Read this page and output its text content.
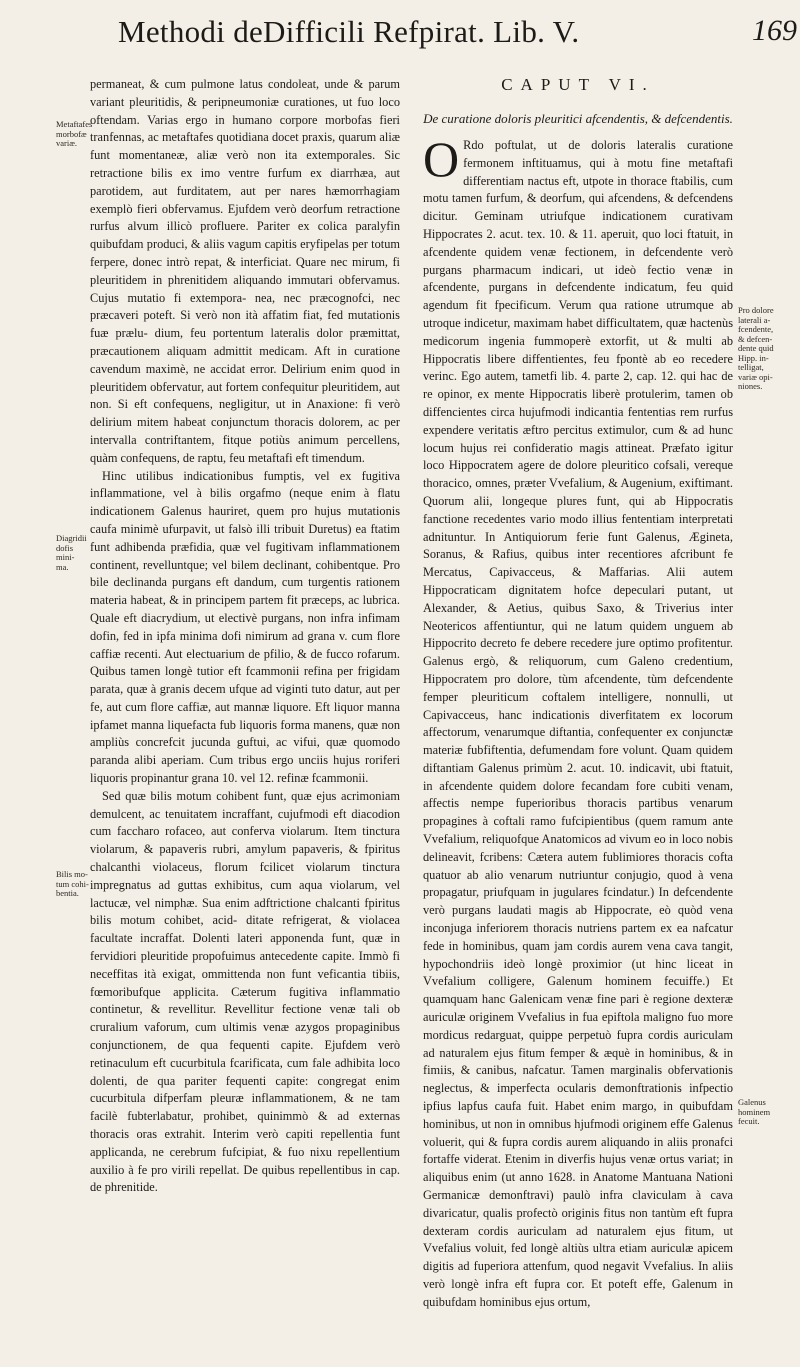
Methodi deDifficili Refpirat. Lib. V.	169
Metaftafes
morbofæ
variæ.
Diagridii
dofis mini-
ma.
Bilis mo-
tum cohi-
bentia.

permaneat, & cum pulmone latus condoleat, unde & parum variant pleuritidis, & peripneumoniæ curationes, ut fuo loco oftendam. Varias ergo in humano corpore morbofas fieri tranfennas, ac metaftafes quotidiana docet praxis, quarum aliæ funt momentaneæ, aliæ verò non ita extemporales. Sic retractione bilis ex imo ventre furfum ex diarrhæa, aut parotidem, aut furditatem, aut per nares hæmorrhagiam exemplò fieri obfervamus. Ejufdem verò deorfum retractione rurfus alvum illicò profluere. Pariter ex colica paralyfin quibufdam produci, & aliis vagum capitis eryfipelas per totum ferpere, donec intrò repat, & interficiat. Quare nec mirum, fi pleuritidem in phrenitidem aliquando immutari obfervamus. Cujus mutatio fi extempora- nea, nec præcognofci, nec præcaveri poteft. Si verò non ità affatim fiat, fed mutationis fuæ prælu- dium, feu portentum lateralis dolor præmittat, præcautionem aliquam admittit medicam. Aft in curatione cavendum maximè, ne accidat error. Delirium enim quod in pleuritidem obfervatur, aut fortem confequitur pleuritidem, aut non. Si eft confequens, negligitur, ut in Anaxione: fi verò delirium mitem habeat conjunctum thoracis dolorem, ac per intervalla contriftantem, fitque potiùs animum percellens, quàm confequens, de raptu, feu metaftafi eft timendum.

Hinc utilibus indicationibus fumptis, vel ex fugitiva inflammatione, vel à bilis orgafmo (neque enim à flatu indicationem Galenus hauriret, quem pro hujus mutationis caufa minimè ufurpavit, ut falsò illi tribuit Duretus) ea ftatim funt adhibenda præfidia, quæ vel fugitivam inflammationem continent, revelluntque; vel bilem declinant, cohibentque. Pro bile declinanda purgans eft dandum, cum turgentis rationem materia habeat, & in principem partem fit præceps, ac lubrica. Quale eft diacrydium, ut electivè purgans, non infra infimam dofin, fed in ipfa minima dofi nimirum ad grana v. cum flore caffiæ recenti. Aut electuarium de pfilio, & de fucco rofarum. Quibus tamen longè tutior eft fcammonii refina per frigidam parata, quæ à granis decem ufque ad viginti tuto datur, aut per fe, aut cum flore caffiæ, aut mannæ liquore. Eft liquor manna ipfamet manna liquefacta fub liquoris forma manens, quæ non ampliùs concrefcit jucunda guftui, ac vifui, quæ quomodo paranda alibi aperiam. Cum tribus ergo unciis hujus roriferi liquoris propinantur grana 10. vel 12. refinæ fcammonii.

Sed quæ bilis motum cohibent funt, quæ ejus acrimoniam demulcent, ac tenuitatem incraffant, cujufmodi eft diacodion cum faccharo rofaceo, aut conferva violarum. Item tinctura violarum, & papaveris rubri, amylum papaveris, & fpiritus chalcanthi violaceus, florum fcilicet violarum tinctura impregnatus ad guttas exhibitus, cum aqua violarum, vel lactucæ, vel nimphæ. Sua enim adftrictione chalcanti fpiritus bilis motum cohibet, acid- ditate refrigerat, & violacea facultate incraffat. Dolenti lateri apponenda funt, quæ in fervidiori pleuritide propofuimus antecedente capite. Immò fi neceffitas ità exigat, ommittenda non funt veficantia tibiis, fœmoribufque applicita. Cæterum fugitiva inflammatio continetur, & revellitur. Revellitur fectione venæ tali ob cruralium vaforum, cum ultimis venæ azygos propaginibus conjunctionem, de qua fequenti capite. Ejufdem verò retinaculum eft cucurbitula fcarificata, cum fale adhibita loco dolenti, de qua pariter fequenti capite: congregat enim cucurbitula difperfam pleuræ inflammationem, & ne tam facilè fubterlabatur, prohibet, quinimmò & ad externas thoracis oras extrahit. Interim verò capiti repellentia funt applicanda, ne cerebrum fufcipiat, & fuo nixu repellentium auxilio à fe pro virili repellat. De quibus repellentibus in cap. de phrenitide.

CAPUT VI.
De curatione doloris pleuritici afcendentis, & defcendentis.
O Rdo poftulat, ut de doloris lateralis curatione fermonem inftituamus, qui à motu fine metaftafi differentiam nactus eft, utpote in thorace ftabilis, cum motu tamen furfum, & deorfum, qui afcendens, & defcendens dicitur. Geminam utriufque indicationem curativam Hippocrates 2. acut. tex. 10. & 11. aperuit, quo loci ftatuit, in afcendente quidem venæ fectionem, in defcendente verò purgans pharmacum indicari, ut ideò fectio venæ in afcendente, purgans in defcendente indicatum, feu quid agendum fit fpecificum. Verum qua ratione utrumque ab utroque indicetur, maximam habet difficultatem, quæ hactenùs medicorum ingenia fummoperè extorfit, ut & multi ab Hippocratis libere diffentientes, feu fpontè ab eo recedere verinc. Ego autem, tametfi lib. 4. parte 2, cap. 12. qui hac de re opinor, ex mente Hippocratis liberè protulerim, tamen ob diffencientes circa hujufmodi indicantia fententias rem rurfus expendere veritatis æftro percitus extimulor, cum & ad hunc locum hujus rei confideratio magis attineat. Præfato igitur loco Hippocratem agere de dolore pleuritico cofsali, vereque thoracico, omnes, præter Vvefalium, & Augenium, exiftimant. Quorum alii, longeque plures funt, qui ab Hippocratis fanctione recedentes vario modo illius fententiam interpretati adnituntur. In Antiquiorum ferie funt Galenus, Ægineta, Soranus, & Rafius, quibus inter recentiores afcribunt fe Mercatus, Capivacceus, & Maffarias. Alii autem Hippocraticam dignitatem hofce depeculari putant, ut Alexander, & Aetius, quibus Saxo, & Triverius inter Neotericos affentiuntur, qui ne latum quidem unguem ab Hippocrito decreto fe debere recedere jure optimo profitentur. Galenus ergò, & reliquorum, cum Galeno credentium, Hippocratem pro dolore, tùm afcendente, tùm defcendente femper pleuriticum coftalem intelligere, nonnulli, ut Capivacceus, hanc indicationis diverfitatem ex locorum affectorum, venarumque diftantia, confequenter ex conjunctæ materiæ fubfiftentia, defumendam fore volunt. Quam quidem diftantiam Galenus primùm 2. acut. 10. indicavit, ubi ftatuit, in afcendente quidem dolore fecandam fore cubiti venam, affectis nempe fuperioribus thoracis partibus venarum propagines à coftali ramo fufcipientibus (quem ramum ante Vvefalium, reliquofque Anatomicos ad vivum eo in loco nobis delineavit, fcribens: Cætera autem fublimiores thoracis cofta quatuor ab alio venarum nutriuntur conjugio, quod à vena propagatur, priufquam in jugulares fcindatur.) In defcendente verò purgans laudati magis ab Hippocrate, eò quòd vena inconjuga inferiorem thoracis nutriens partem ex ea nafcatur fede in hominibus, quam jam cordis aurem vena cava tangit, hypochondriis ideò longè proximior (ut hinc liceat in Vvefalium colligere, Galenum hominem fecuiffe.) Et quamquam hanc Galenicam venæ fine pari è regione dexteræ auriculæ originem Vvefalius in fua epiftola maligno fuo more mordicus redarguat, quippe perpetuò fupra cordis auriculam ad naturalem ejus fitum femper & æquè in hominibus, & in fimiis, & canibus, nafcatur. Tamen marginalis obfervationis neglectus, & imperfecta ocularis demonftrationis infpectio ipfius lapfus caufa fuit. Habet enim margo, in quibufdam hominibus, ut non in omnibus hjufmodi originem effe Galenus voluerit, qui & fupra cordis aurem aliquando in aliis pronafci fortaffe viderat. Etenim in diverfis hujus venæ ortus variat; in aliquibus enim (ut anno 1628. in Anatome Mantuana Nationi Germanicæ demonftravi) paulò infra claviculam à cava divaricatur, qualis profectò originis fitus non tantùm eft fupra dexteram cordis auriculam ad naturalem ejus fitum, ut Vvefalius voluit, fed longè altiùs ultra etiam auriculæ apicem digitis ad fuperiora attenfum, quod negavit Vvefalius. In aliis verò longè infra eft fupra cor. Et poteft effe, Galenum in quibufdam hominibus ejus ortum,

Pro dolore
laterali a-
fcendente,
& defcen-
dente quid
Hipp. in-
telligat,
variæ opi-
niones.
Galenus
hominem
fecuit.
